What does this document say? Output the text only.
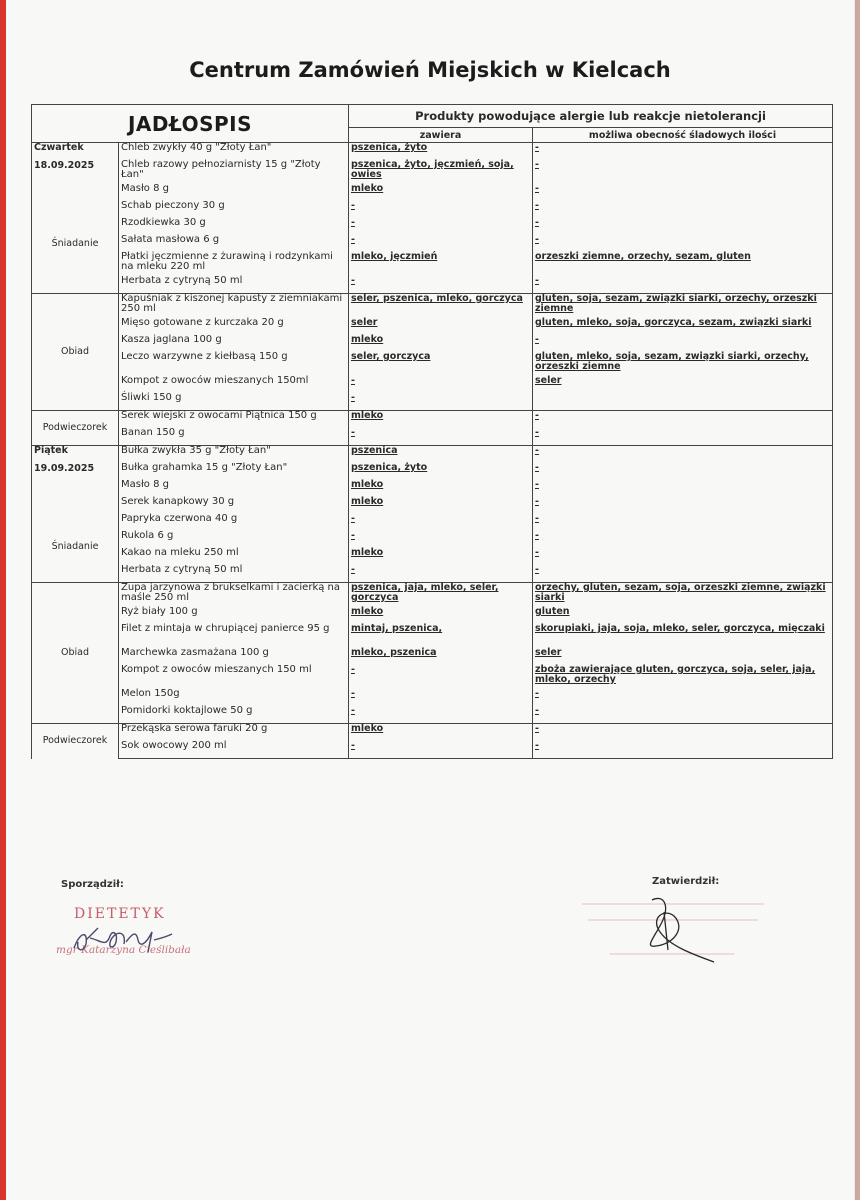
Centrum Zamówień Miejskich w Kielcach
JADŁOSPIS		Produkty powodujące alergie lub reakcje nietolerancji	
		zawiera	możliwa obecność śladowych ilości

Czwartek
18.09.2025
Śniadanie	Chleb zwykły 40 g "Złoty Łan"	pszenica, żyto	-
	Chleb razowy pełnoziarnisty 15 g "Złoty Łan"	pszenica, żyto, jęczmień, soja, owies	-
	Masło 8 g	mleko	-
	Schab pieczony 30 g	-	-
	Rzodkiewka 30 g	-	-
	Sałata masłowa 6 g	-	-
	Płatki jęczmienne z żurawiną i rodzynkami na mleku 220 ml	mleko, jęczmień	orzeszki ziemne, orzechy, sezam, gluten
	Herbata z cytryną 50 ml	-	-

Obiad	Kapuśniak z kiszonej kapusty z ziemniakami 250 ml	seler, pszenica, mleko, gorczyca	gluten, soja, sezam, związki siarki, orzechy, orzeszki ziemne
	Mięso gotowane z kurczaka 20 g	seler	gluten, mleko, soja, gorczyca, sezam, związki siarki
	Kasza jaglana 100 g	mleko	-
	Leczo warzywne z kiełbasą 150 g	seler, gorczyca	gluten, mleko, soja, sezam, związki siarki, orzechy, orzeszki ziemne
	Kompot z owoców mieszanych 150ml	-	seler
	Śliwki 150 g	-	

Podwieczorek	Serek wiejski z owocami Piątnica 150 g	mleko	-
	Banan 150 g	-	-

Piątek
19.09.2025
Śniadanie	Bułka zwykła 35 g "Złoty Łan"	pszenica	-
	Bułka grahamka 15 g "Złoty Łan"	pszenica, żyto	-
	Masło 8 g	mleko	-
	Serek kanapkowy 30 g	mleko	-
	Papryka czerwona 40 g	-	-
	Rukola 6 g	-	-
	Kakao na mleku 250 ml	mleko	-
	Herbata z cytryną 50 ml	-	-

Obiad	Zupa jarzynowa z brukselkami i zacierką na maśle 250 ml	pszenica, jaja, mleko, seler, gorczyca	orzechy, gluten, sezam, soja, orzeszki ziemne, związki siarki
	Ryż biały 100 g	mleko	gluten
	Filet z mintaja w chrupiącej panierce 95 g	mintaj, pszenica,	skorupiaki, jaja, soja, mleko, seler, gorczyca, mięczaki
	Marchewka zasmażana 100 g	mleko, pszenica	seler
	Kompot z owoców mieszanych 150 ml	-	zboża zawierające gluten, gorczyca, soja, seler, jaja, mleko, orzechy
	Melon 150g	-	-
	Pomidorki koktajlowe 50 g	-	-

Podwieczorek	Przekąska serowa faruki 20 g	mleko	-
	Sok owocowy 200 ml	-	-
Sporządził:	Zatwierdził:
DIETETYK
mgr Katarzyna Cieślibała
